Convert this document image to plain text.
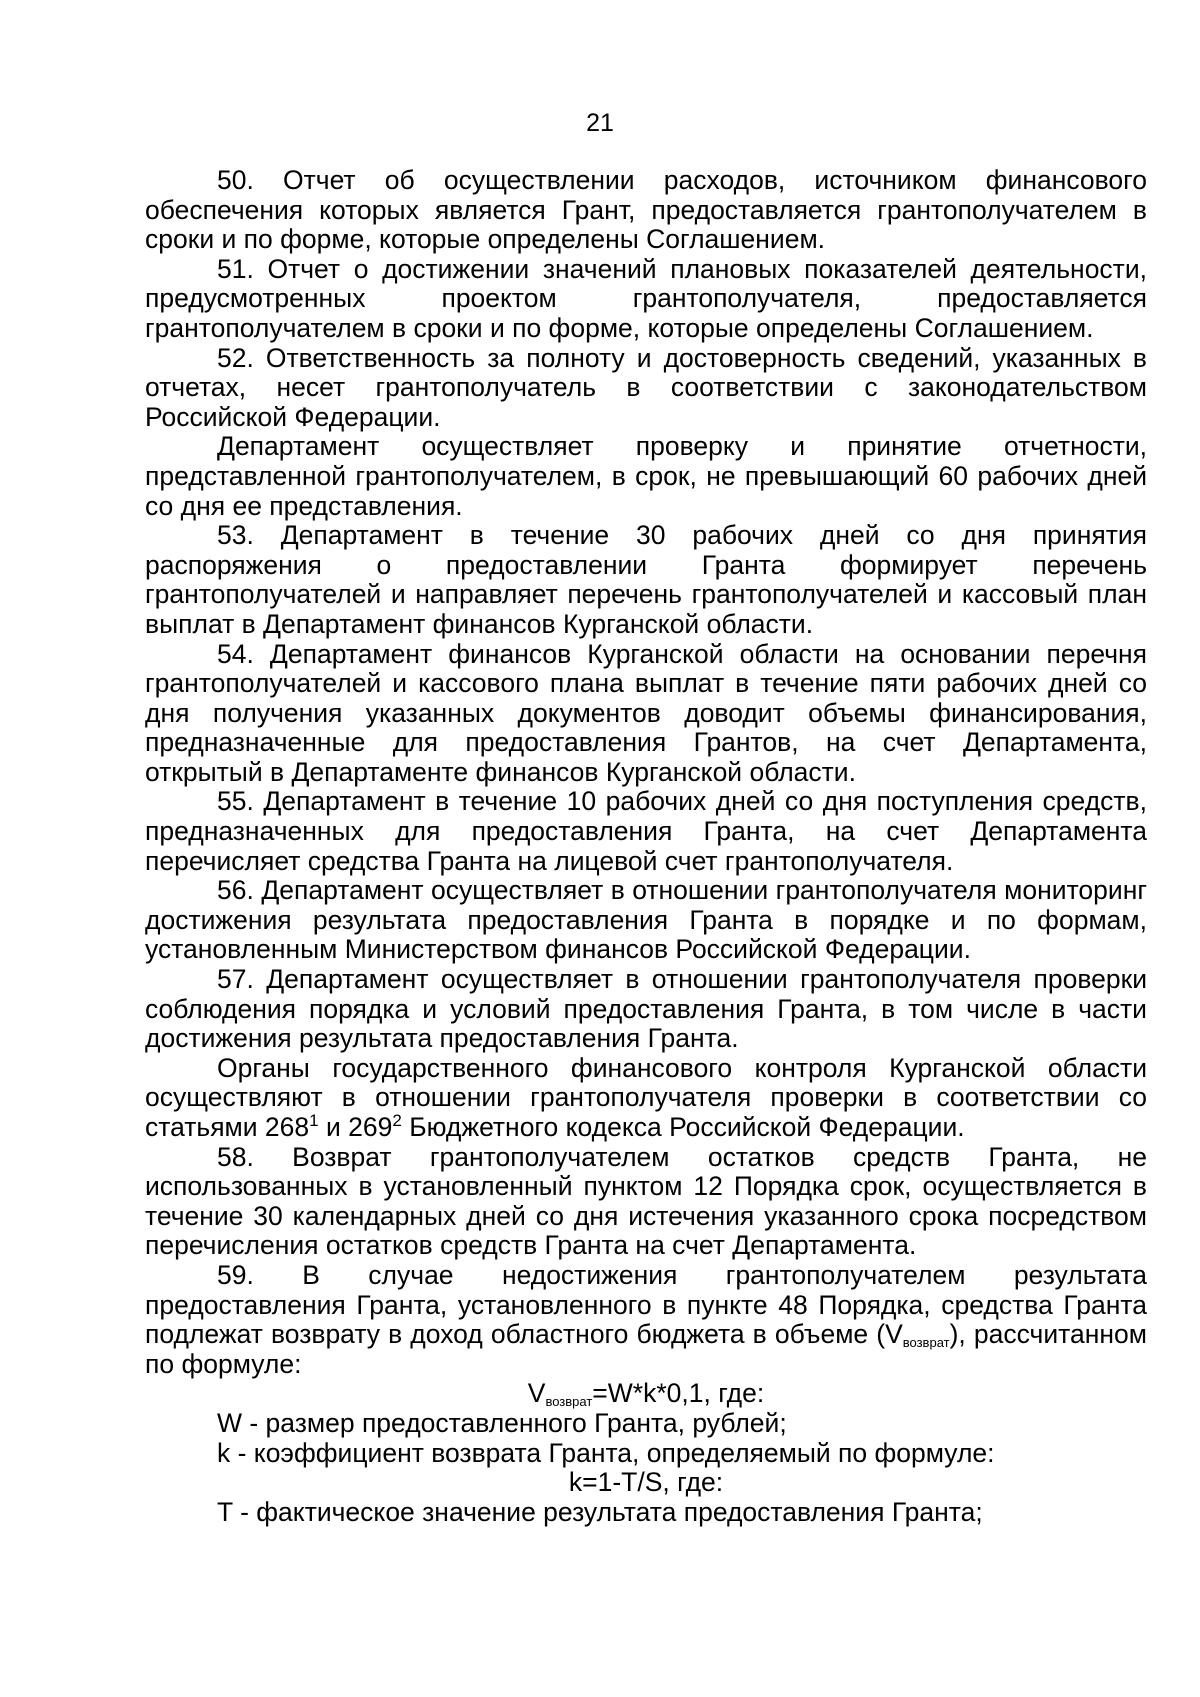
21

50. Отчет об осуществлении расходов, источником финансового обеспечения которых является Грант, предоставляется грантополучателем в сроки и по форме, которые определены Соглашением.

51. Отчет о достижении значений плановых показателей деятельности, предусмотренных проектом грантополучателя, предоставляется грантополучателем в сроки и по форме, которые определены Соглашением.

52. Ответственность за полноту и достоверность сведений, указанных в отчетах, несет грантополучатель в соответствии с законодательством Российской Федерации.

Департамент осуществляет проверку и принятие отчетности, представленной грантополучателем, в срок, не превышающий 60 рабочих дней со дня ее представления.

53. Департамент в течение 30 рабочих дней со дня принятия распоряжения о предоставлении Гранта формирует перечень грантополучателей и направляет перечень грантополучателей и кассовый план выплат в Департамент финансов Курганской области.

54. Департамент финансов Курганской области на основании перечня грантополучателей и кассового плана выплат в течение пяти рабочих дней со дня получения указанных документов доводит объемы финансирования, предназначенные для предоставления Грантов, на счет Департамента, открытый в Департаменте финансов Курганской области.

55. Департамент в течение 10 рабочих дней со дня поступления средств, предназначенных для предоставления Гранта, на счет Департамента перечисляет средства Гранта на лицевой счет грантополучателя.

56. Департамент осуществляет в отношении грантополучателя мониторинг достижения результата предоставления Гранта в порядке и по формам, установленным Министерством финансов Российской Федерации.

57. Департамент осуществляет в отношении грантополучателя проверки соблюдения порядка и условий предоставления Гранта, в том числе в части достижения результата предоставления Гранта.

Органы государственного финансового контроля Курганской области осуществляют в отношении грантополучателя проверки в соответствии со статьями $268^1$ и $269^2$ Бюджетного кодекса Российской Федерации.

58. Возврат грантополучателем остатков средств Гранта, не использованных в установленный пунктом 12 Порядка срок, осуществляется в течение 30 календарных дней со дня истечения указанного срока посредством перечисления остатков средств Гранта на счет Департамента.

59. В случае недостижения грантополучателем результата предоставления Гранта, установленного в пункте 48 Порядка, средства Гранта подлежат возврату в доход областного бюджета в объеме $(V_{возврат})$, рассчитанном по формуле:

$V_{возврат}=W*k*0,1$, где:

W - размер предоставленного Гранта, рублей;

k - коэффициент возврата Гранта, определяемый по формуле:

k=1-T/S, где:

T - фактическое значение результата предоставления Гранта;
